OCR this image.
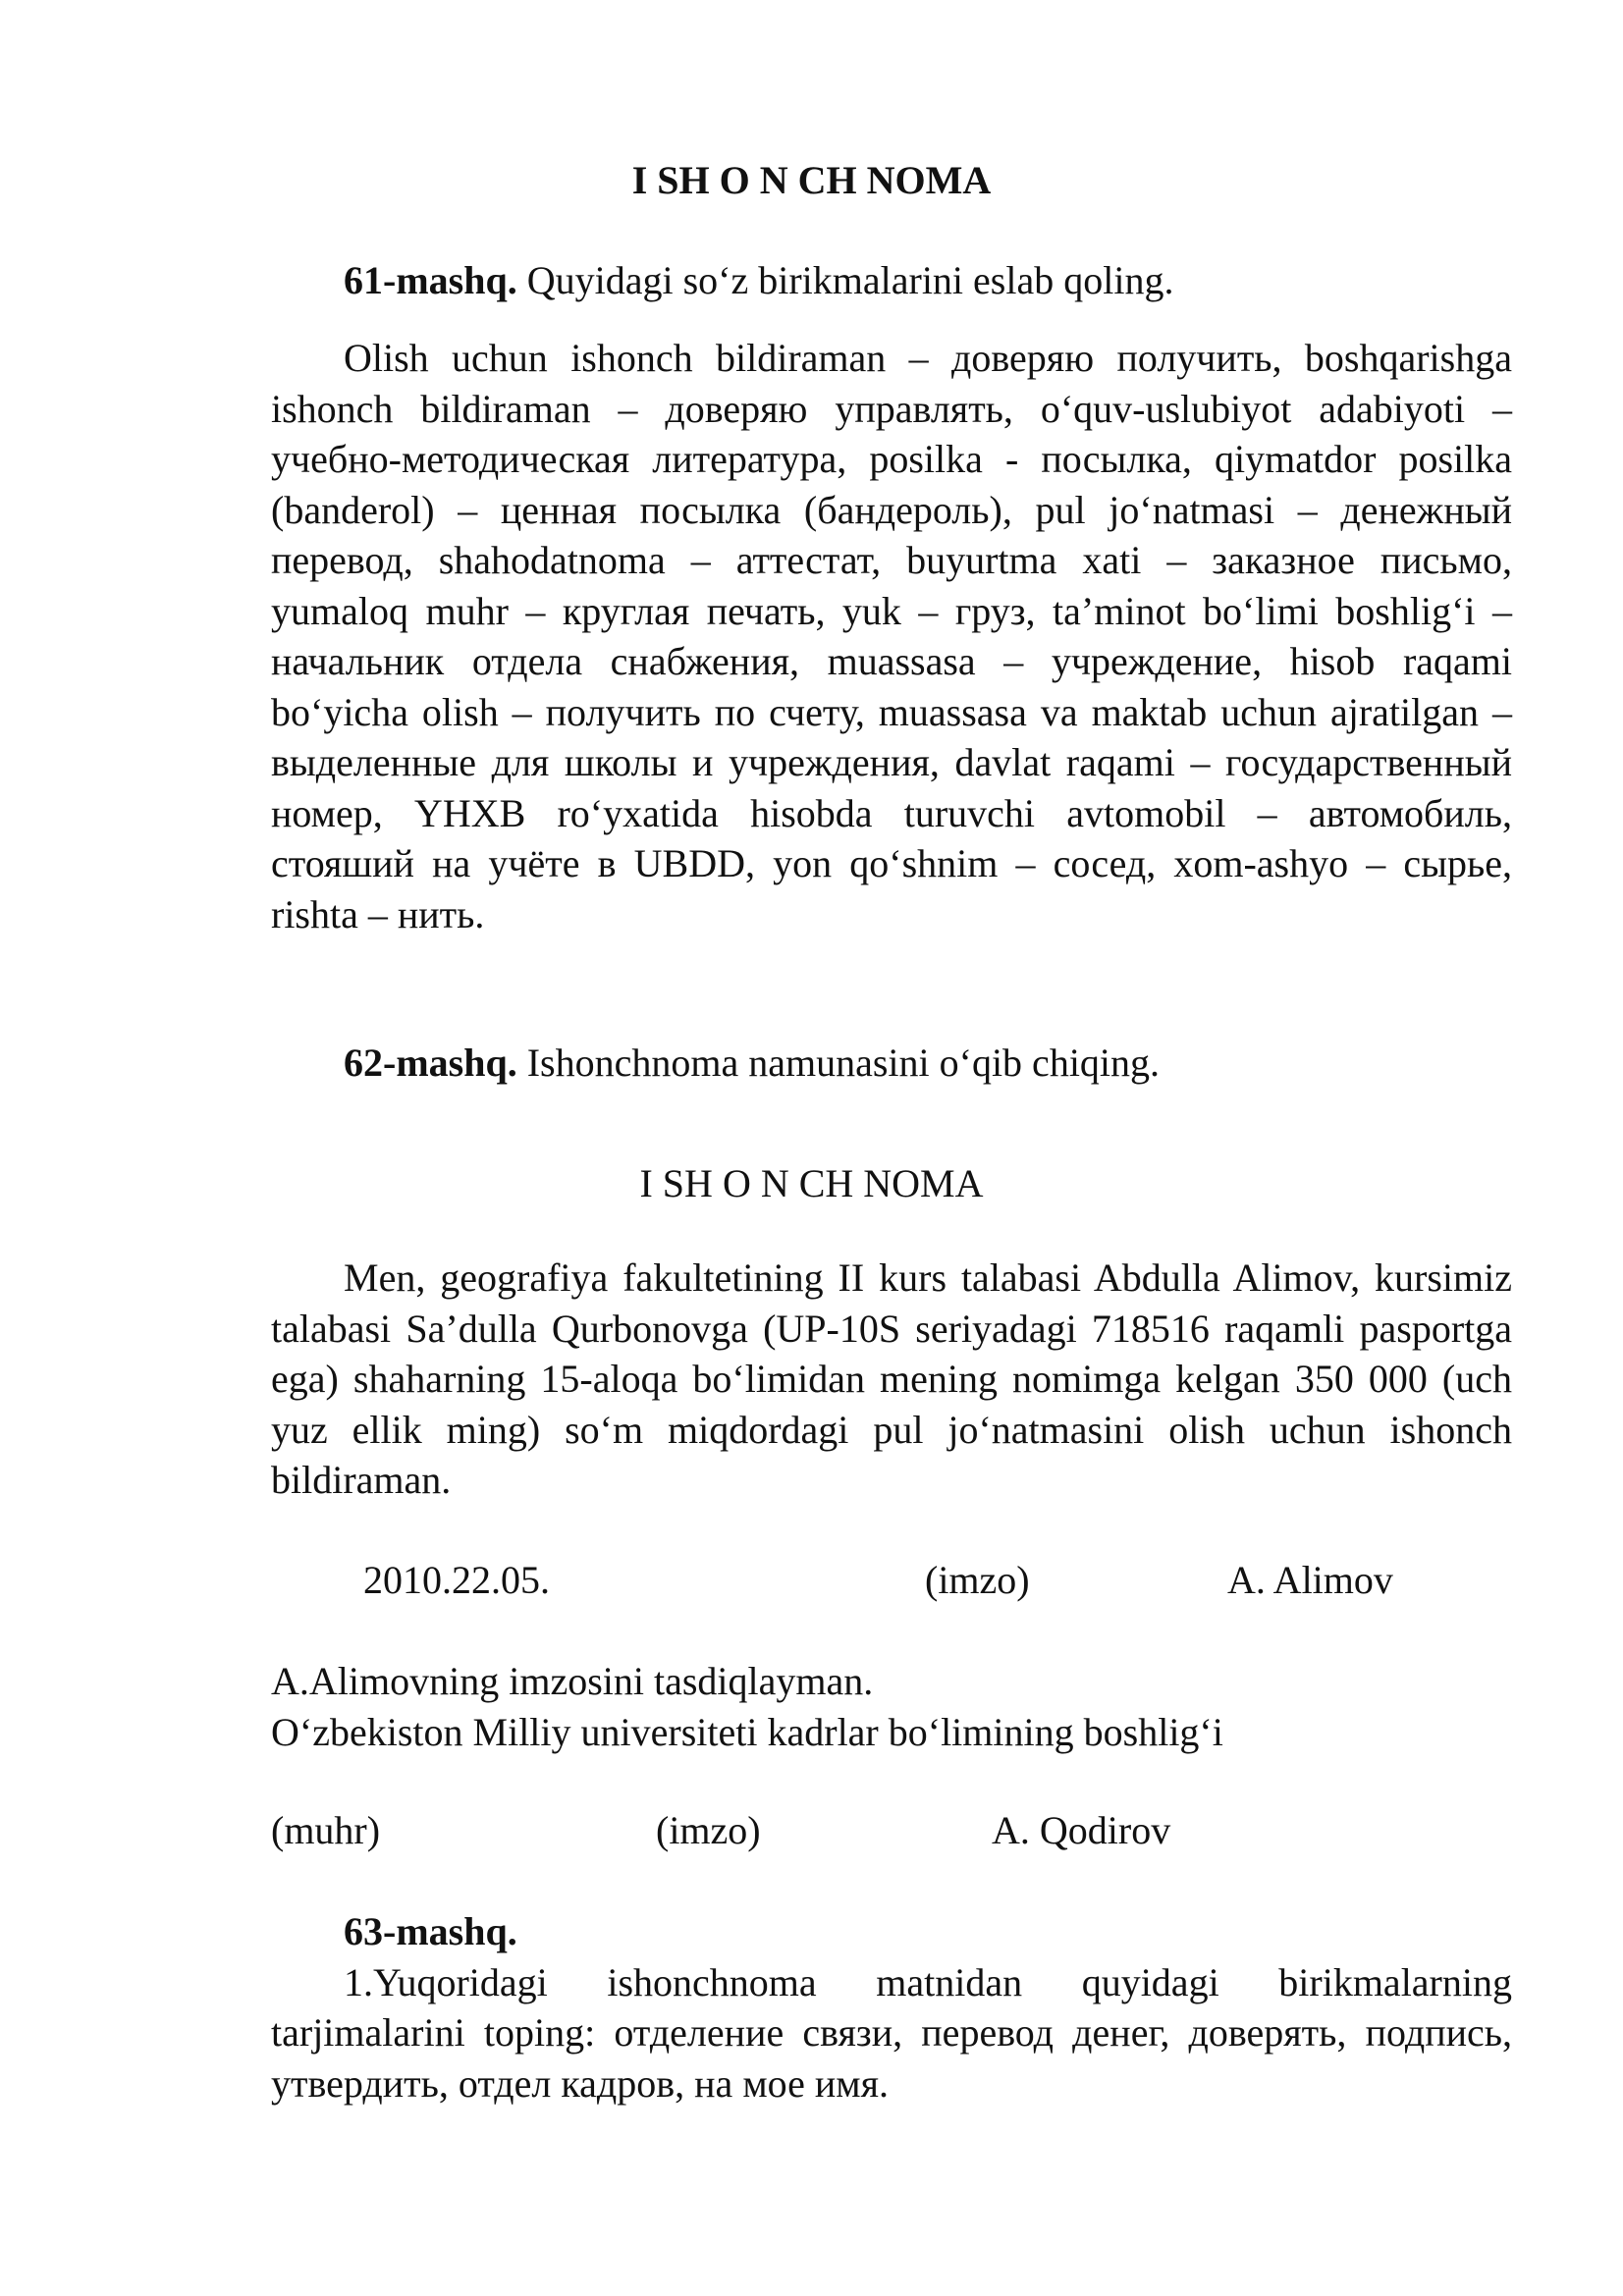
I SH O N CH NOMA

61-mashq. Quyidagi so‘z birikmalarini eslab qoling.

Olish uchun ishonch bildiraman – доверяю получить, boshqarishga ishonch bildiraman – доверяю управлять, o‘quv-uslubiyot adabiyoti – учебно-методическая литература, posilka - посылка, qiymatdor posilka (banderol) – ценная посылка (бандероль), pul jo‘natmasi – денежный перевод, shahodatnoma – аттестат, buyurtma xati – заказное письмо, yumaloq muhr – круглая печать, yuk – груз, ta’minot bo‘limi boshlig‘i – начальник отдела снабжения, muassasa – учреждение, hisob raqami bo‘yicha olish – получить по счету, muassasa va maktab uchun ajratilgan – выделенные для школы и учреждения, davlat raqami – государственный номер, YHXB ro‘yxatida hisobda turuvchi avtomobil – автомобиль, стояший на учёте в UBDD, yon qo‘shnim – сосед, xom-ashyo – сырье, rishta – нить.

62-mashq. Ishonchnoma namunasini o‘qib chiqing.

I SH O N CH NOMA

Men, geografiya fakultetining II kurs talabasi Abdulla Alimov, kursimiz talabasi Sa’dulla Qurbonovga (UP-10S seriyadagi 718516 raqamli pasportga ega) shaharning 15-aloqa bo‘limidan mening nomimga kelgan 350 000 (uch yuz ellik ming) so‘m miqdordagi pul jo‘natmasini olish uchun ishonch bildiraman.

2010.22.05.	(imzo)	A. Alimov

A.Alimovning imzosini tasdiqlayman.

O‘zbekiston Milliy universiteti kadrlar bo‘limining boshlig‘i

(muhr)	(imzo)	A. Qodirov

63-mashq.

1.Yuqoridagi ishonchnoma matnidan quyidagi birikmalarning tarjimalarini toping: отделение связи, перевод денег, доверять, подпись, утвердить, отдел кадров, на мое имя.
